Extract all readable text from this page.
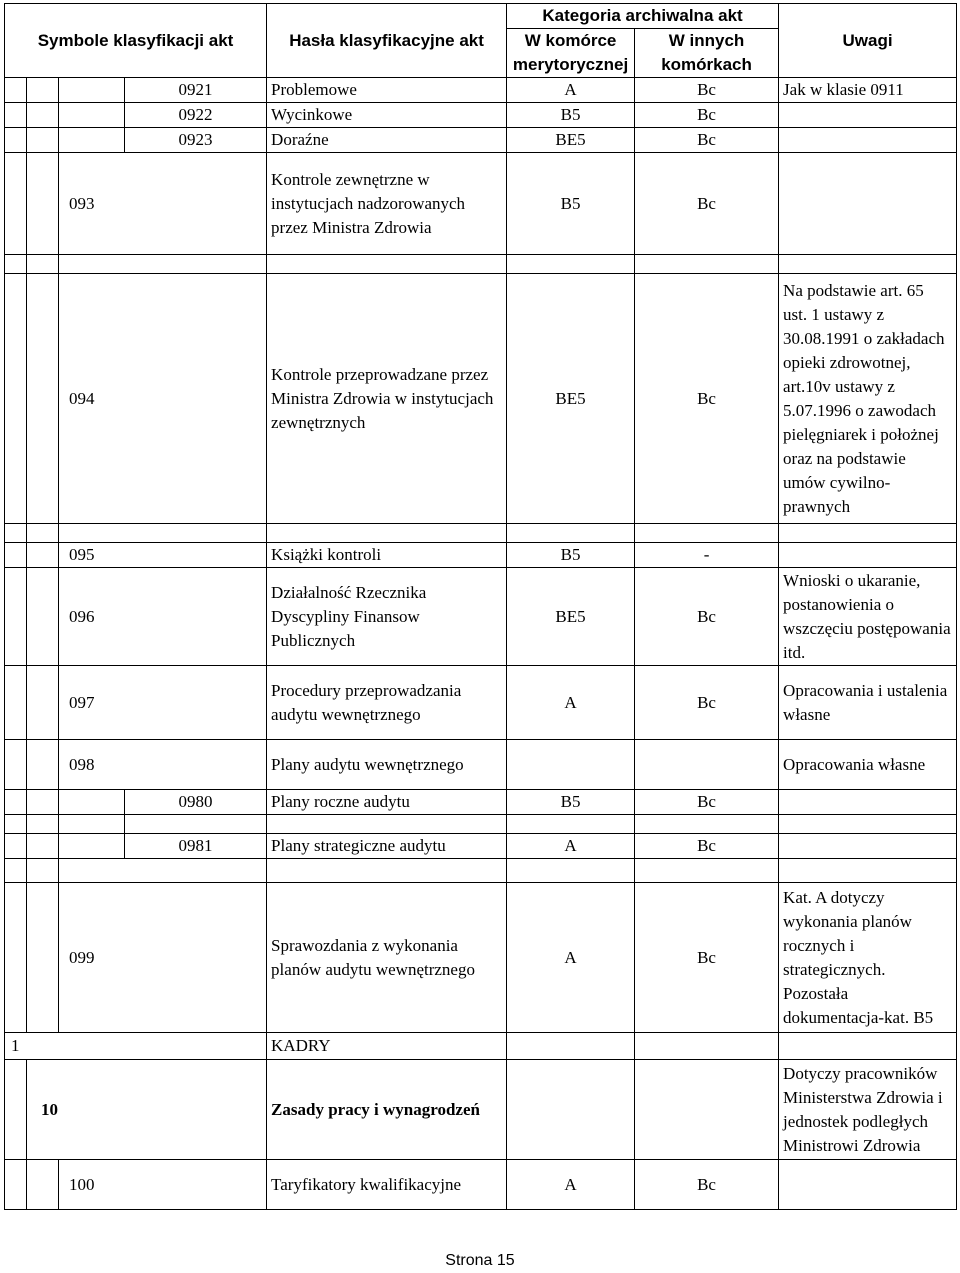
Symbole klasyfikacji akt				Hasła klasyfikacyjne akt	Kategoria archiwalna akt		Uwagi
					W komórce	W innych	
					merytorycznej	komórkach	
			0921	Problemowe	A	Bc	Jak w klasie 0911
			0922	Wycinkowe	B5	Bc	
			0923	Doraźne	BE5	Bc	
		093		Kontrole zewnętrzne w instytucjach nadzorowanych przez Ministra Zdrowia	B5	Bc	

		094		Kontrole przeprowadzane przez Ministra Zdrowia w instytucjach zewnętrznych	BE5	Bc	Na podstawie art. 65 ust. 1 ustawy z 30.08.1991 o zakładach opieki zdrowotnej, art.10v ustawy z 5.07.1996 o zawodach pielęgniarek i położnej oraz na podstawie umów cywilno-prawnych

		095		Książki kontroli	B5	-	
		096		Działalność Rzecznika Dyscypliny Finansow Publicznych	BE5	Bc	Wnioski o ukaranie, postanowienia o wszczęciu postępowania itd.
		097		Procedury przeprowadzania audytu wewnętrznego	A	Bc	Opracowania i ustalenia własne
		098		Plany audytu wewnętrznego			Opracowania własne
			0980	Plany roczne audytu	B5	Bc	

			0981	Plany strategiczne audytu	A	Bc	

		099		Sprawozdania z wykonania planów audytu wewnętrznego	A	Bc	Kat. A dotyczy wykonania planów rocznych i strategicznych. Pozostała dokumentacja-kat. B5
1				KADRY			
	10			Zasady pracy i wynagrodzeń			Dotyczy pracowników Ministerstwa Zdrowia i jednostek podległych Ministrowi Zdrowia
		100		Taryfikatory kwalifikacyjne	A	Bc	
Strona 15
